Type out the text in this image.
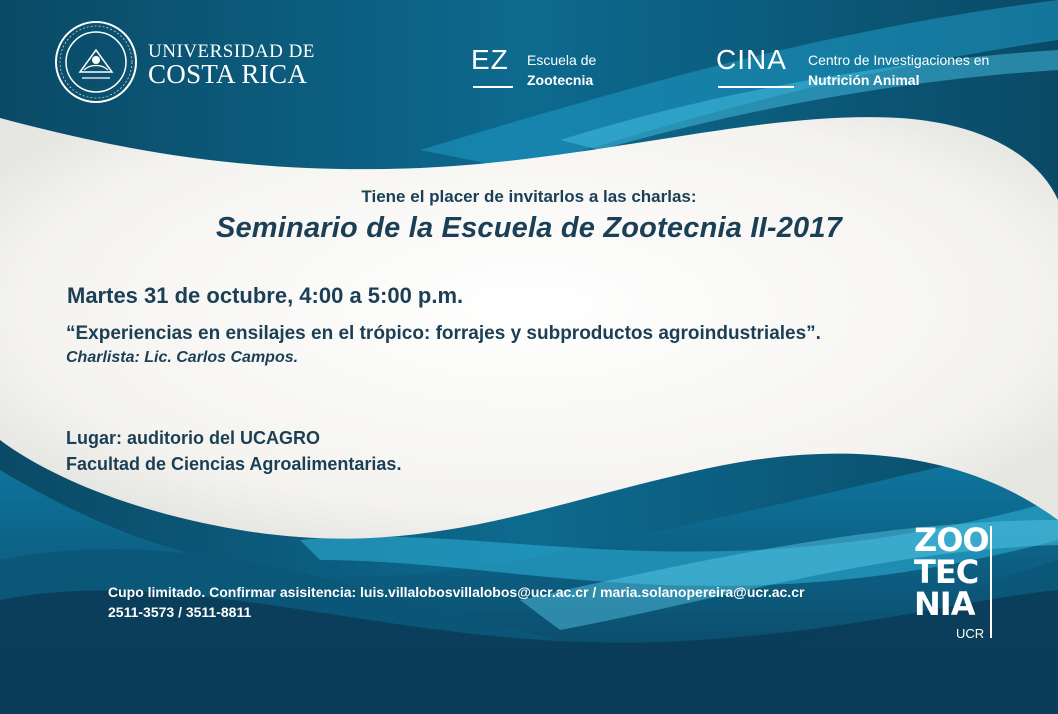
UNIVERSIDAD DE
COSTA RICA	EZ Escuela de
Zootecnia
CINA Centro de Investigaciones en
Nutrición Animal
Tiene el placer de invitarlos a las charlas:
Seminario de la Escuela de Zootecnia II-2017
Martes 31 de octubre, 4:00 a 5:00 p.m.
“Experiencias en ensilajes en el trópico: forrajes y subproductos agroindustriales”.
Charlista: Lic. Carlos Campos.
Lugar: auditorio del UCAGRO
Facultad de Ciencias Agroalimentarias.
Cupo limitado. Confirmar asisitencia: luis.villalobosvillalobos@ucr.ac.cr / maria.solanopereira@ucr.ac.cr
2511-3573 / 3511-8811
ZOO
TEC
NIA
UCR
